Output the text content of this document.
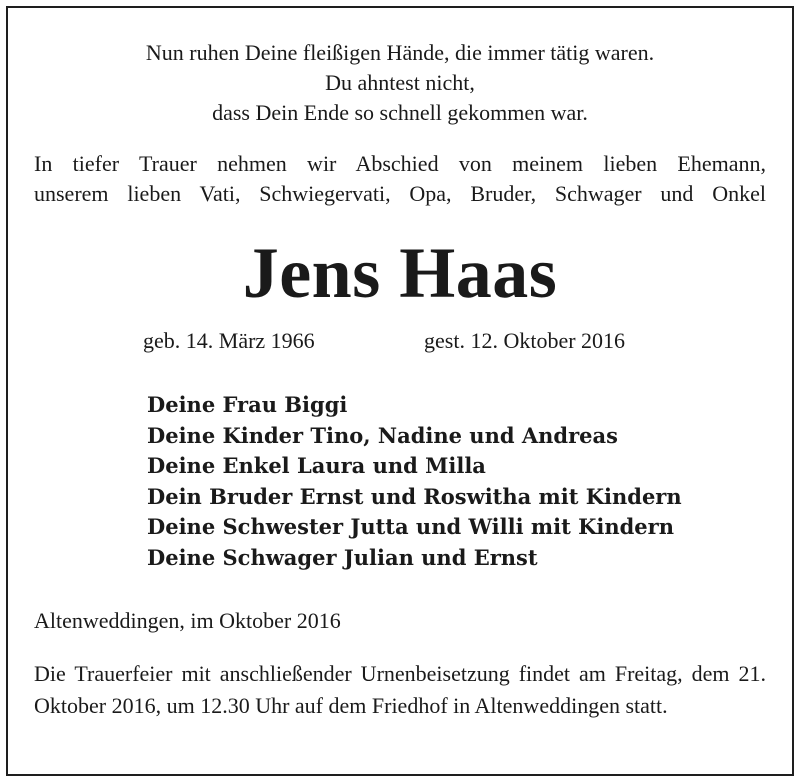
Nun ruhen Deine fleißigen Hände, die immer tätig waren.
Du ahntest nicht,
dass Dein Ende so schnell gekommen war.
In tiefer Trauer nehmen wir Abschied von meinem lieben Ehemann,
unserem lieben Vati, Schwiegervati, Opa, Bruder, Schwager und Onkel
Jens Haas
geb. 14. März 1966	gest. 12. Oktober 2016
Deine Frau Biggi
Deine Kinder Tino, Nadine und Andreas
Deine Enkel Laura und Milla
Dein Bruder Ernst und Roswitha mit Kindern
Deine Schwester Jutta und Willi mit Kindern
Deine Schwager Julian und Ernst
Altenweddingen, im Oktober 2016
Die Trauerfeier mit anschließender Urnenbeisetzung findet am Freitag, dem 21. Oktober 2016, um 12.30 Uhr auf dem Friedhof in Altenweddingen statt.
